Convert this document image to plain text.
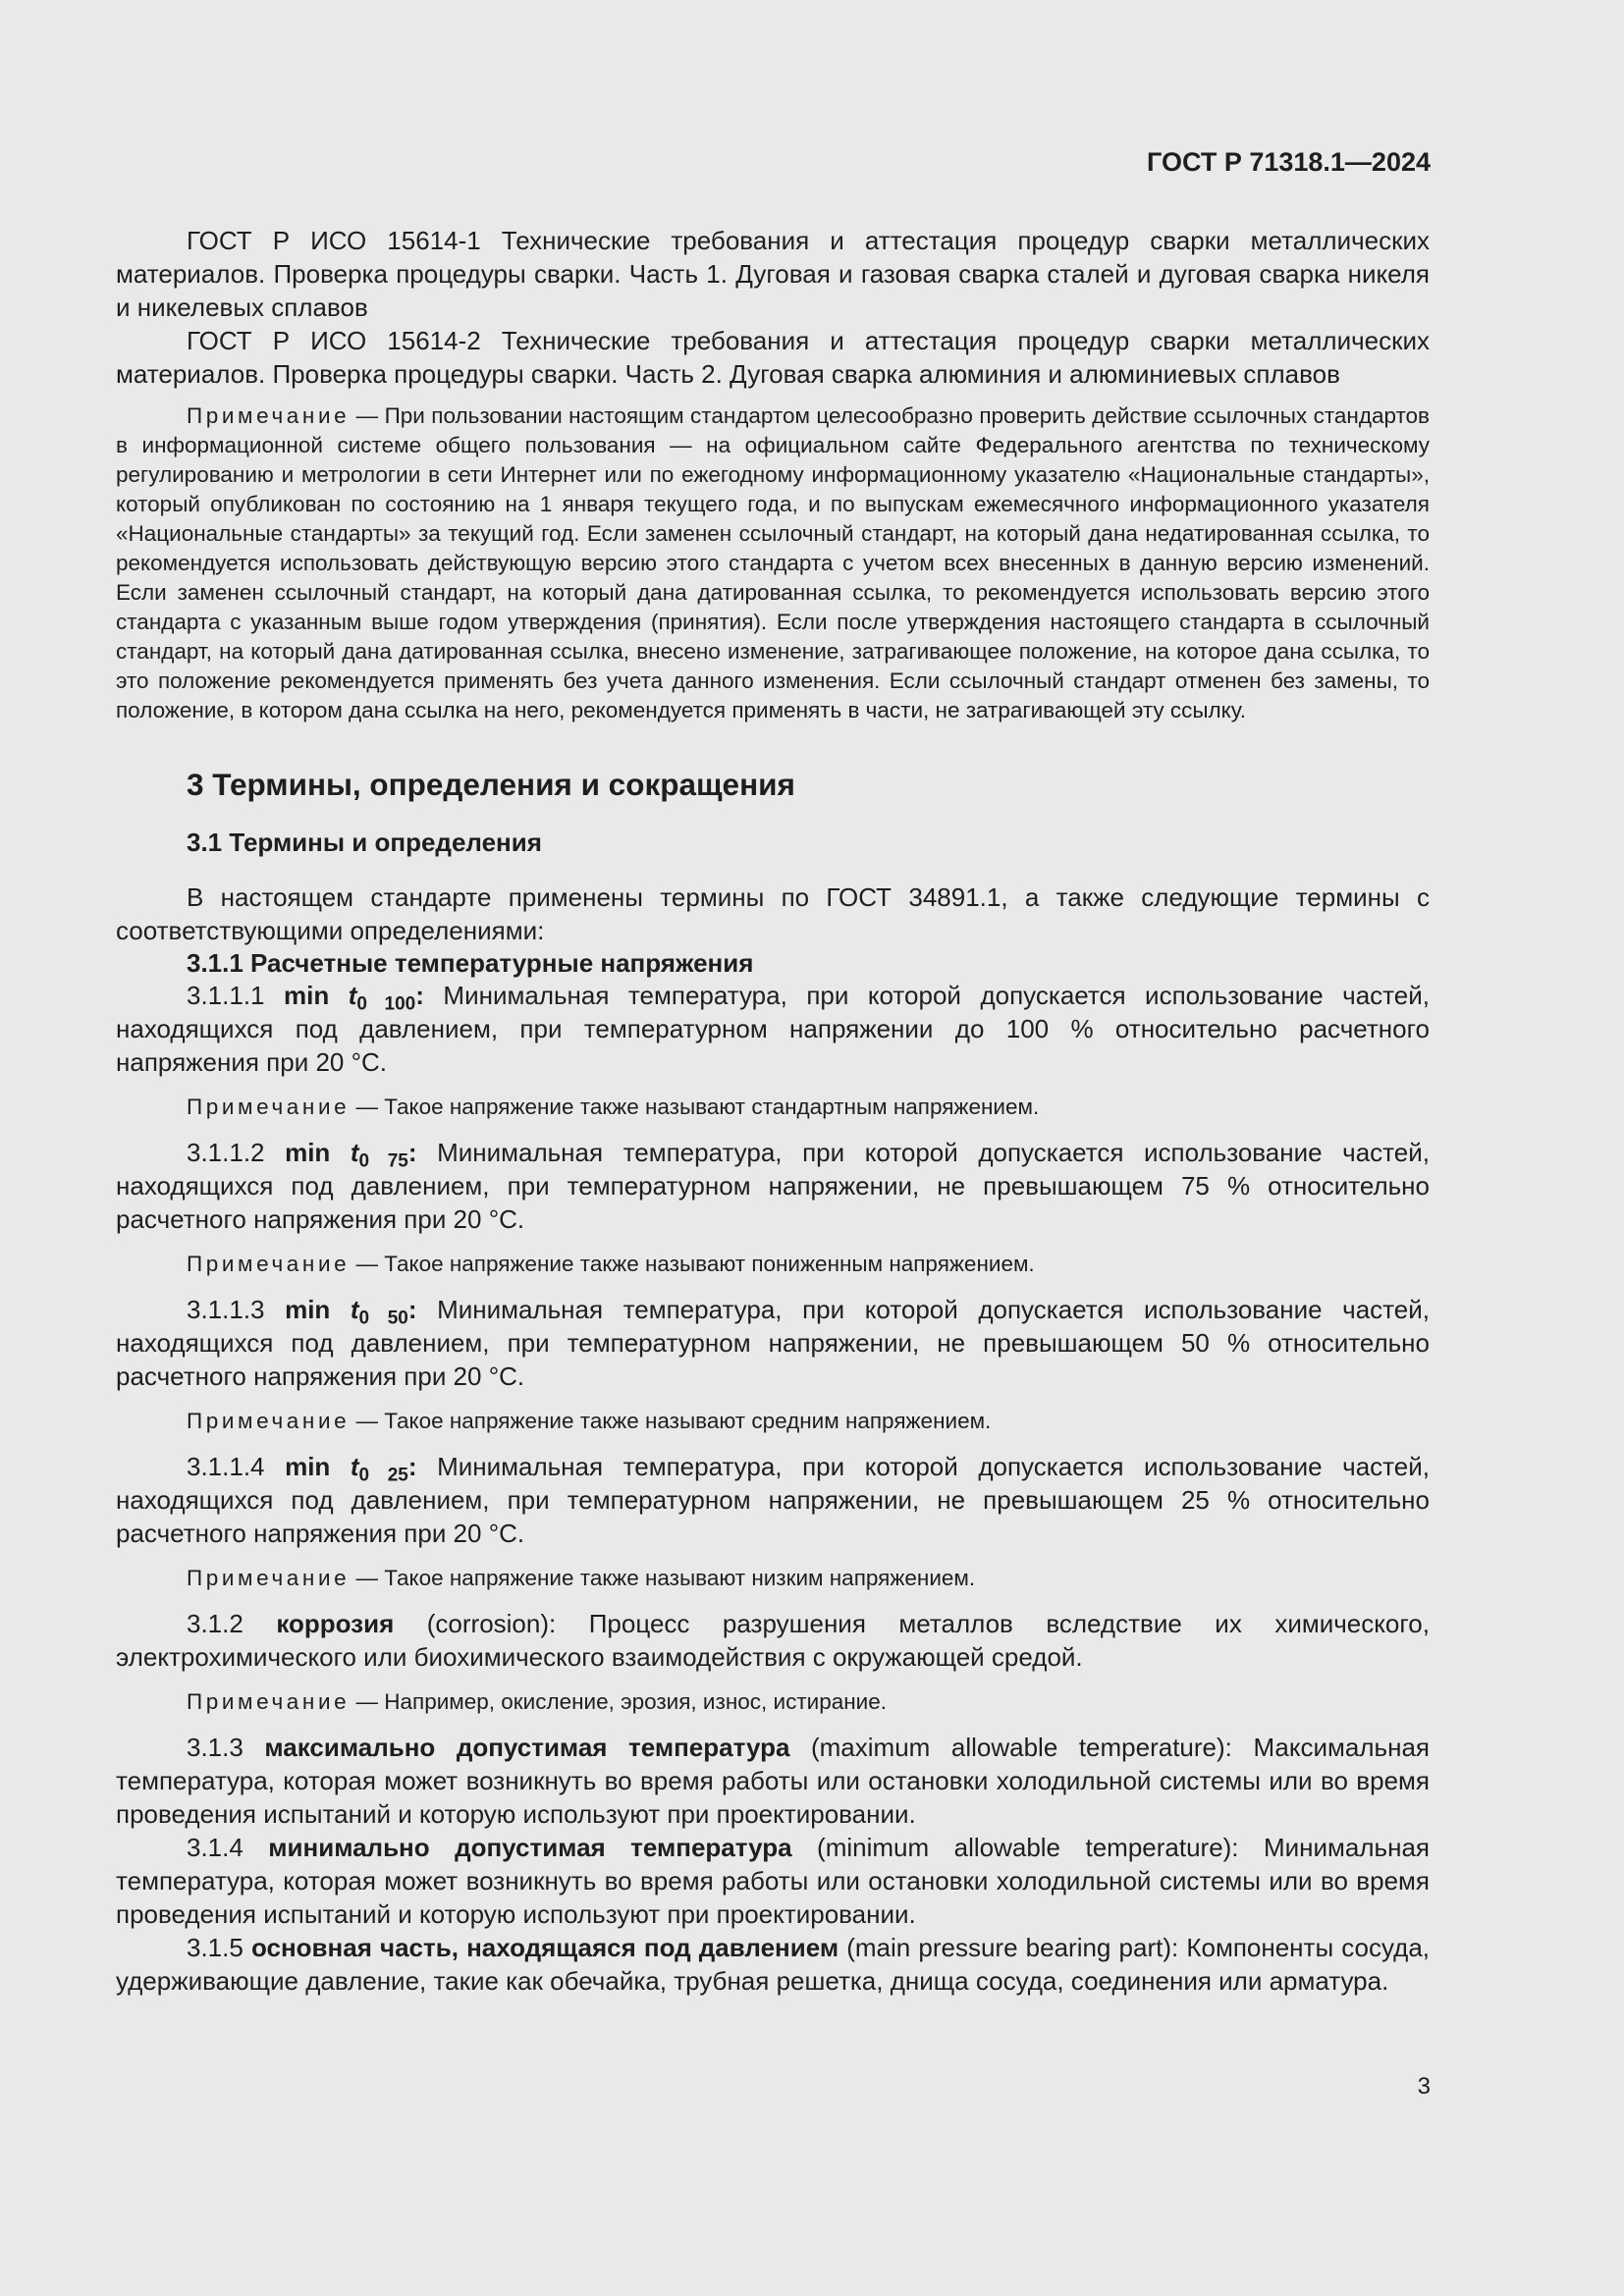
ГОСТ Р 71318.1—2024

ГОСТ Р ИСО 15614-1 Технические требования и аттестация процедур сварки металлических материалов. Проверка процедуры сварки. Часть 1. Дуговая и газовая сварка сталей и дуговая сварка никеля и никелевых сплавов

ГОСТ Р ИСО 15614-2 Технические требования и аттестация процедур сварки металлических материалов. Проверка процедуры сварки. Часть 2. Дуговая сварка алюминия и алюминиевых сплавов

Примечание — При пользовании настоящим стандартом целесообразно проверить действие ссылочных стандартов в информационной системе общего пользования — на официальном сайте Федерального агентства по техническому регулированию и метрологии в сети Интернет или по ежегодному информационному указателю «Национальные стандарты», который опубликован по состоянию на 1 января текущего года, и по выпускам ежемесячного информационного указателя «Национальные стандарты» за текущий год. Если заменен ссылочный стандарт, на который дана недатированная ссылка, то рекомендуется использовать действующую версию этого стандарта с учетом всех внесенных в данную версию изменений. Если заменен ссылочный стандарт, на который дана датированная ссылка, то рекомендуется использовать версию этого стандарта с указанным выше годом утверждения (принятия). Если после утверждения настоящего стандарта в ссылочный стандарт, на который дана датированная ссылка, внесено изменение, затрагивающее положение, на которое дана ссылка, то это положение рекомендуется применять без учета данного изменения. Если ссылочный стандарт отменен без замены, то положение, в котором дана ссылка на него, рекомендуется применять в части, не затрагивающей эту ссылку.

3 Термины, определения и сокращения
3.1 Термины и определения

В настоящем стандарте применены термины по ГОСТ 34891.1, а также следующие термины с соответствующими определениями:

3.1.1 Расчетные температурные напряжения

3.1.1.1 $\min t_{0 100}$: Минимальная температура, при которой допускается использование частей, находящихся под давлением, при температурном напряжении до 100 % относительно расчетного напряжения при 20 °С.

Примечание — Такое напряжение также называют стандартным напряжением.

3.1.1.2 $\min t_{0 75}$: Минимальная температура, при которой допускается использование частей, находящихся под давлением, при температурном напряжении, не превышающем 75 % относительно расчетного напряжения при 20 °С.

Примечание — Такое напряжение также называют пониженным напряжением.

3.1.1.3 $\min t_{0 50}$: Минимальная температура, при которой допускается использование частей, находящихся под давлением, при температурном напряжении, не превышающем 50 % относительно расчетного напряжения при 20 °С.

Примечание — Такое напряжение также называют средним напряжением.

3.1.1.4 $\min t_{0 25}$: Минимальная температура, при которой допускается использование частей, находящихся под давлением, при температурном напряжении, не превышающем 25 % относительно расчетного напряжения при 20 °С.

Примечание — Такое напряжение также называют низким напряжением.

3.1.2 коррозия (corrosion): Процесс разрушения металлов вследствие их химического, электрохимического или биохимического взаимодействия с окружающей средой.

Примечание — Например, окисление, эрозия, износ, истирание.

3.1.3 максимально допустимая температура (maximum allowable temperature): Максимальная температура, которая может возникнуть во время работы или остановки холодильной системы или во время проведения испытаний и которую используют при проектировании.

3.1.4 минимально допустимая температура (minimum allowable temperature): Минимальная температура, которая может возникнуть во время работы или остановки холодильной системы или во время проведения испытаний и которую используют при проектировании.

3.1.5 основная часть, находящаяся под давлением (main pressure bearing part): Компоненты сосуда, удерживающие давление, такие как обечайка, трубная решетка, днища сосуда, соединения или арматура.

3
